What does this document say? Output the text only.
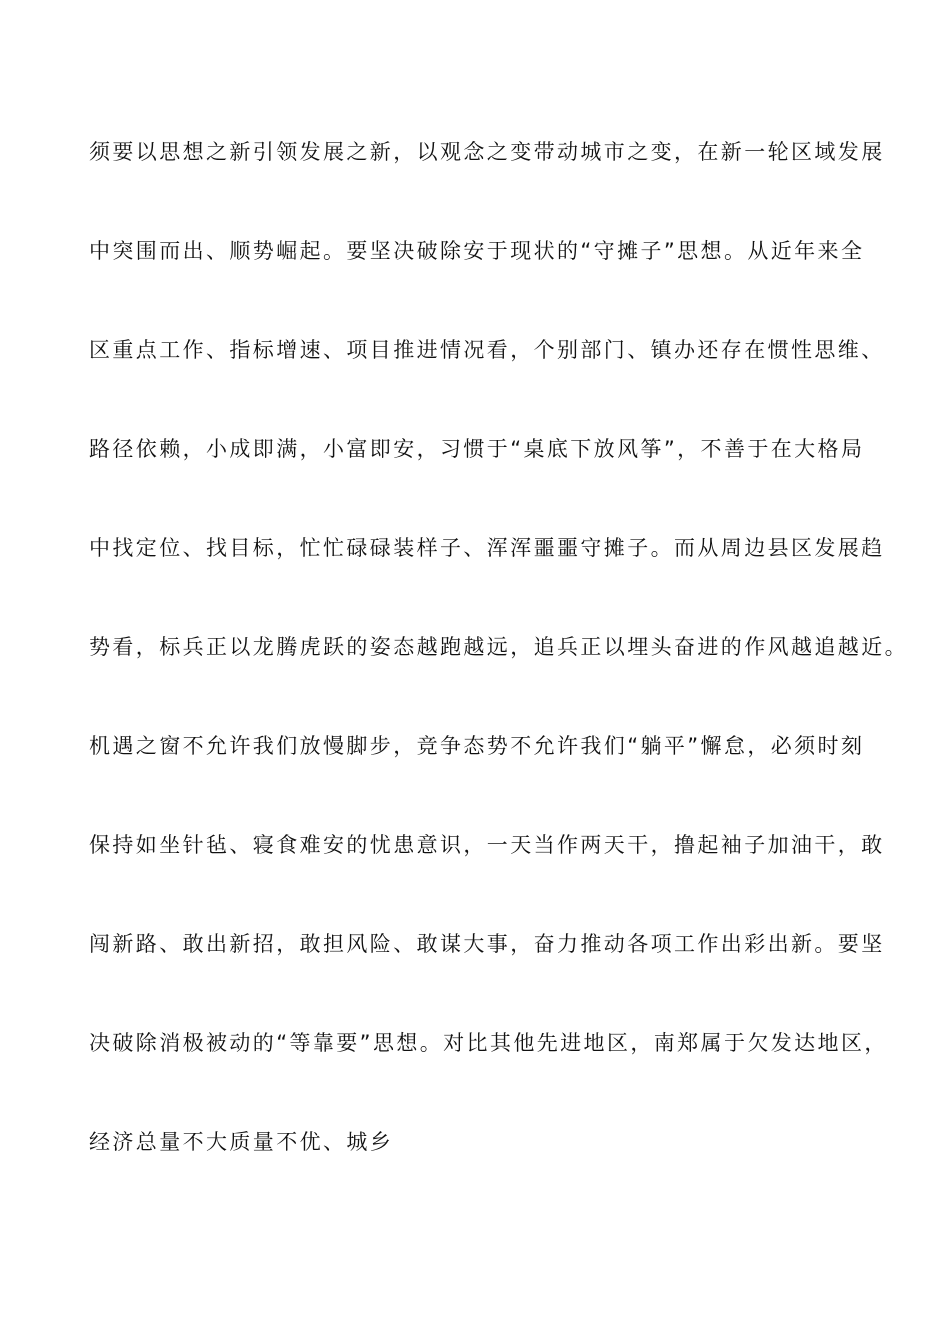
须要以思想之新引领发展之新，以观念之变带动城市之变，在新一轮区域发展
中突围而出、顺势崛起。要坚决破除安于现状的“守摊子”思想。从近年来全
区重点工作、指标增速、项目推进情况看，个别部门、镇办还存在惯性思维、
路径依赖，小成即满，小富即安，习惯于“桌底下放风筝”，不善于在大格局
中找定位、找目标，忙忙碌碌装样子、浑浑噩噩守摊子。而从周边县区发展趋
势看，标兵正以龙腾虎跃的姿态越跑越远，追兵正以埋头奋进的作风越追越近。
机遇之窗不允许我们放慢脚步，竞争态势不允许我们“躺平”懈怠，必须时刻
保持如坐针毡、寝食难安的忧患意识，一天当作两天干，撸起袖子加油干，敢
闯新路、敢出新招，敢担风险、敢谋大事，奋力推动各项工作出彩出新。要坚
决破除消极被动的“等靠要”思想。对比其他先进地区，南郑属于欠发达地区，
经济总量不大质量不优、城乡
